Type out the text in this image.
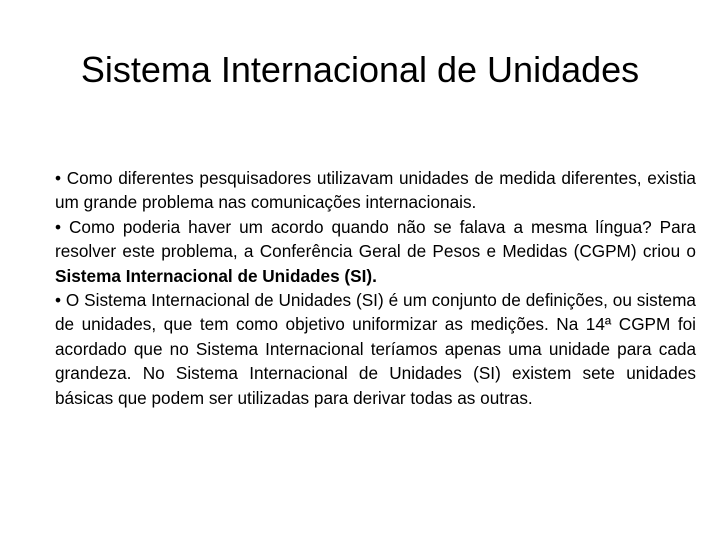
Sistema Internacional de Unidades

• Como diferentes pesquisadores utilizavam unidades de medida diferentes, existia um grande problema nas comunicações internacionais.

• Como poderia haver um acordo quando não se falava a mesma língua? Para resolver este problema, a Conferência Geral de Pesos e Medidas (CGPM) criou o Sistema Internacional de Unidades (SI).

• O Sistema Internacional de Unidades (SI) é um conjunto de definições, ou sistema de unidades, que tem como objetivo uniformizar as medições. Na 14ª CGPM foi acordado que no Sistema Internacional teríamos apenas uma unidade para cada grandeza. No Sistema Internacional de Unidades (SI) existem sete unidades básicas que podem ser utilizadas para derivar todas as outras.
